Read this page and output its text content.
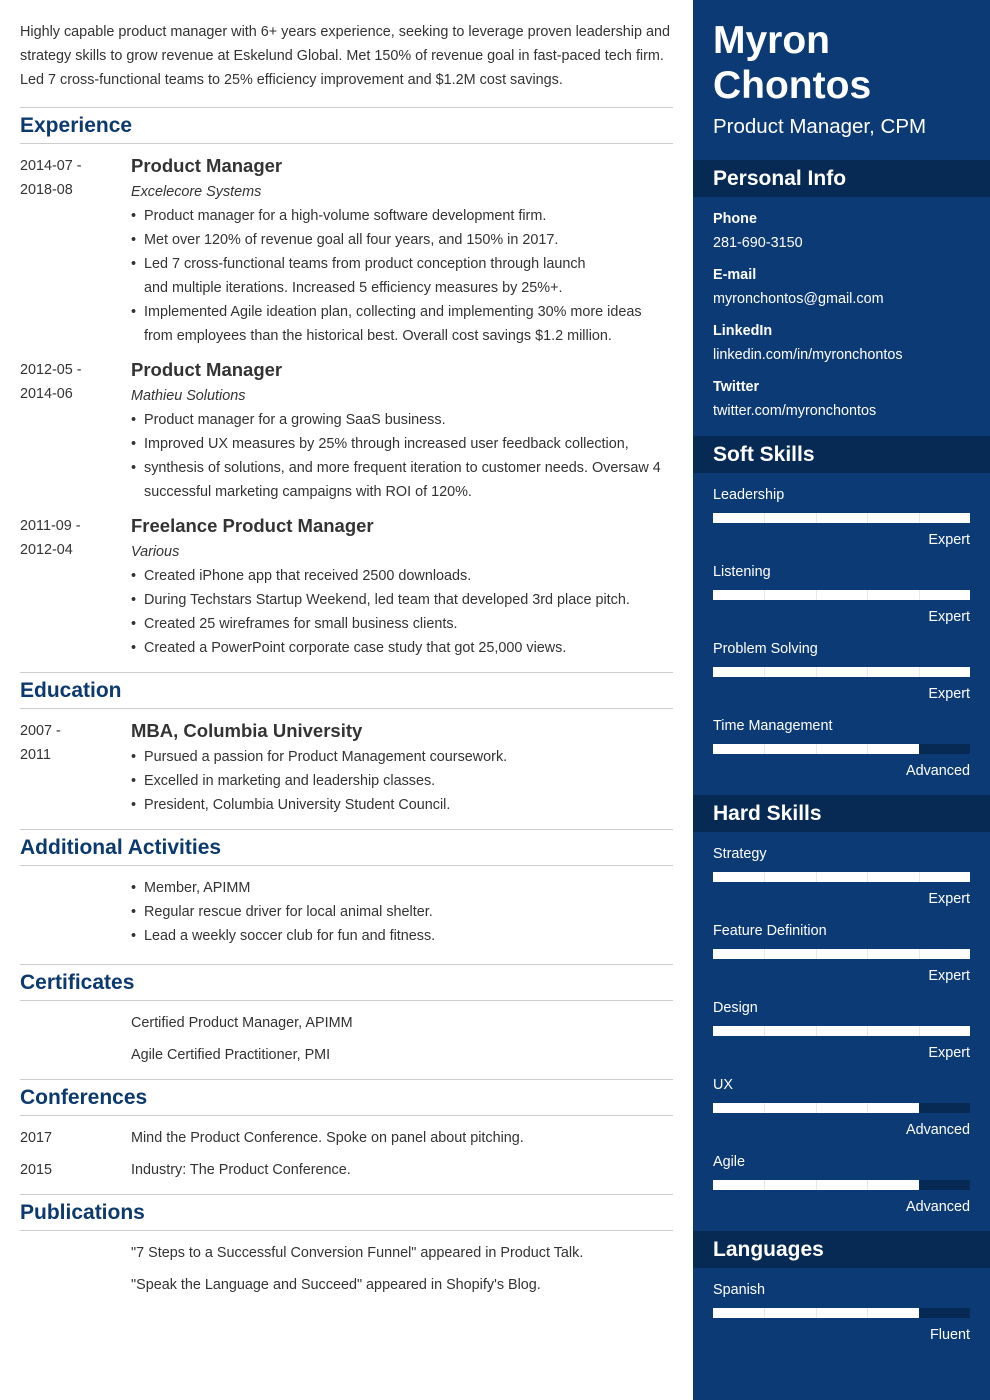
Highly capable product manager with 6+ years experience, seeking to leverage proven leadership and strategy skills to grow revenue at Eskelund Global. Met 150% of revenue goal in fast-paced tech firm. Led 7 cross-functional teams to 25% efficiency improvement and $1.2M cost savings.
Experience
2014-07 -
2018-08
Product Manager
Excelecore Systems
• Product manager for a high-volume software development firm.
• Met over 120% of revenue goal all four years, and 150% in 2017.
• Led 7 cross-functional teams from product conception through launch and multiple iterations. Increased 5 efficiency measures by 25%+.
• Implemented Agile ideation plan, collecting and implementing 30% more ideas from employees than the historical best. Overall cost savings $1.2 million.
2012-05 -
2014-06
Product Manager
Mathieu Solutions
• Product manager for a growing SaaS business.
• Improved UX measures by 25% through increased user feedback collection,
• synthesis of solutions, and more frequent iteration to customer needs. Oversaw 4 successful marketing campaigns with ROI of 120%.
2011-09 -
2012-04
Freelance Product Manager
Various
• Created iPhone app that received 2500 downloads.
• During Techstars Startup Weekend, led team that developed 3rd place pitch.
• Created 25 wireframes for small business clients.
• Created a PowerPoint corporate case study that got 25,000 views.
Education
2007 -
2011
MBA, Columbia University
• Pursued a passion for Product Management coursework.
• Excelled in marketing and leadership classes.
• President, Columbia University Student Council.
Additional Activities
• Member, APIMM
• Regular rescue driver for local animal shelter.
• Lead a weekly soccer club for fun and fitness.
Certificates
Certified Product Manager, APIMM
Agile Certified Practitioner, PMI
Conferences
2017	Mind the Product Conference. Spoke on panel about pitching.
2015	Industry: The Product Conference.
Publications
"7 Steps to a Successful Conversion Funnel" appeared in Product Talk.
"Speak the Language and Succeed" appeared in Shopify's Blog.
Myron
Chontos
Product Manager, CPM
Personal Info
Phone
281-690-3150
E-mail
myronchontos@gmail.com
LinkedIn
linkedin.com/in/myronchontos
Twitter
twitter.com/myronchontos
Soft Skills
Leadership
Expert
Listening
Expert
Problem Solving
Expert
Time Management
Advanced
Hard Skills
Strategy
Expert
Feature Definition
Expert
Design
Expert
UX
Advanced
Agile
Advanced
Languages
Spanish
Fluent
